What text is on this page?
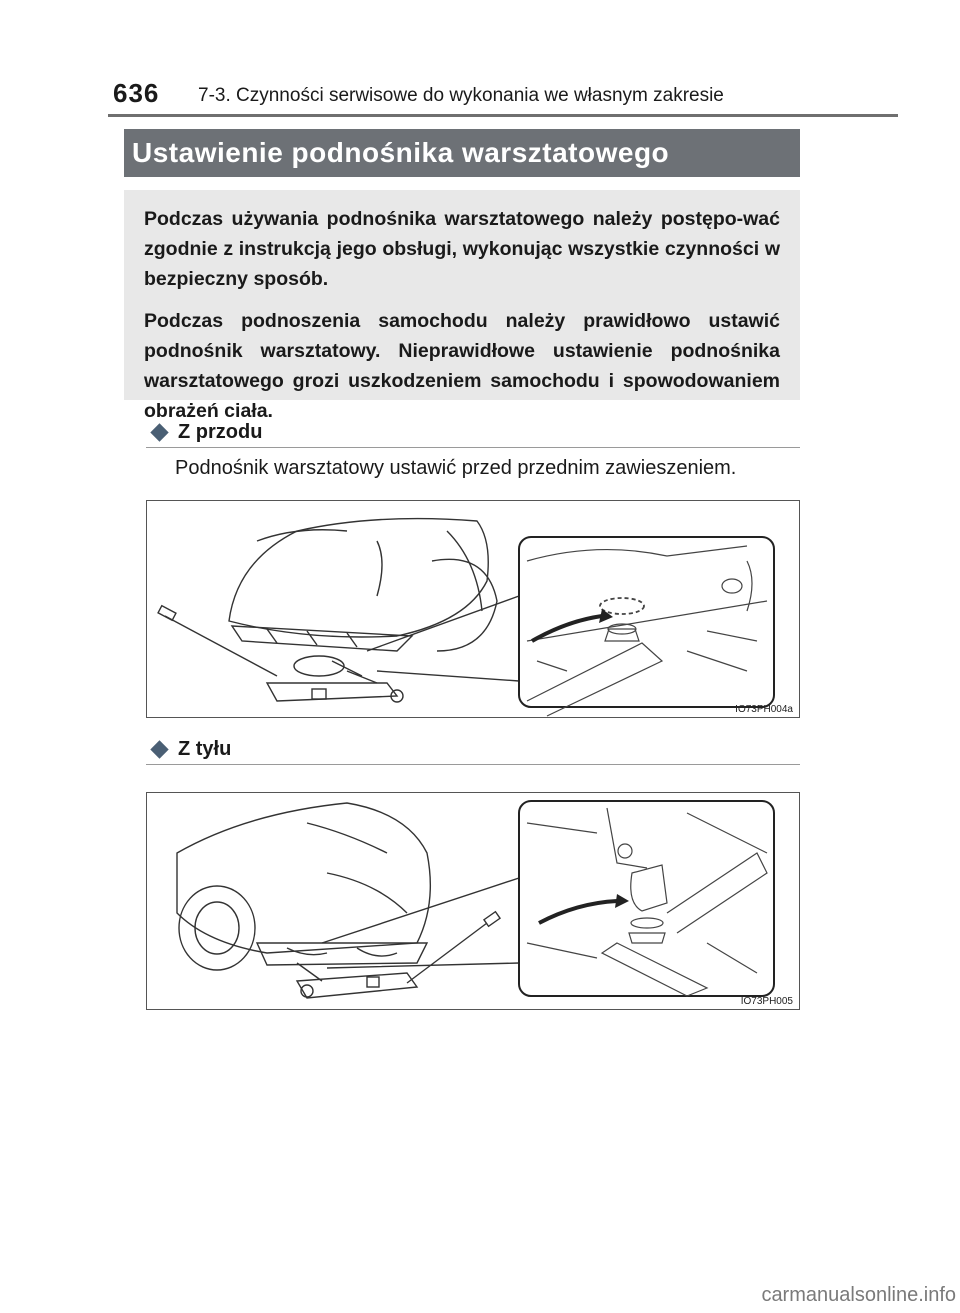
636 7-3. Czynności serwisowe do wykonania we własnym zakresie
Ustawienie podnośnika warsztatowego

Podczas używania podnośnika warsztatowego należy postępo-wać zgodnie z instrukcją jego obsługi, wykonując wszystkie czynności w bezpieczny sposób.

Podczas podnoszenia samochodu należy prawidłowo ustawić podnośnik warsztatowy. Nieprawidłowe ustawienie podnośnika warsztatowego grozi uszkodzeniem samochodu i spowodowaniem obrażeń ciała.

Z przodu
Podnośnik warsztatowy ustawić przed przednim zawieszeniem.
IO73PH004a
Z tyłu
IO73PH005
carmanualsonline.info
